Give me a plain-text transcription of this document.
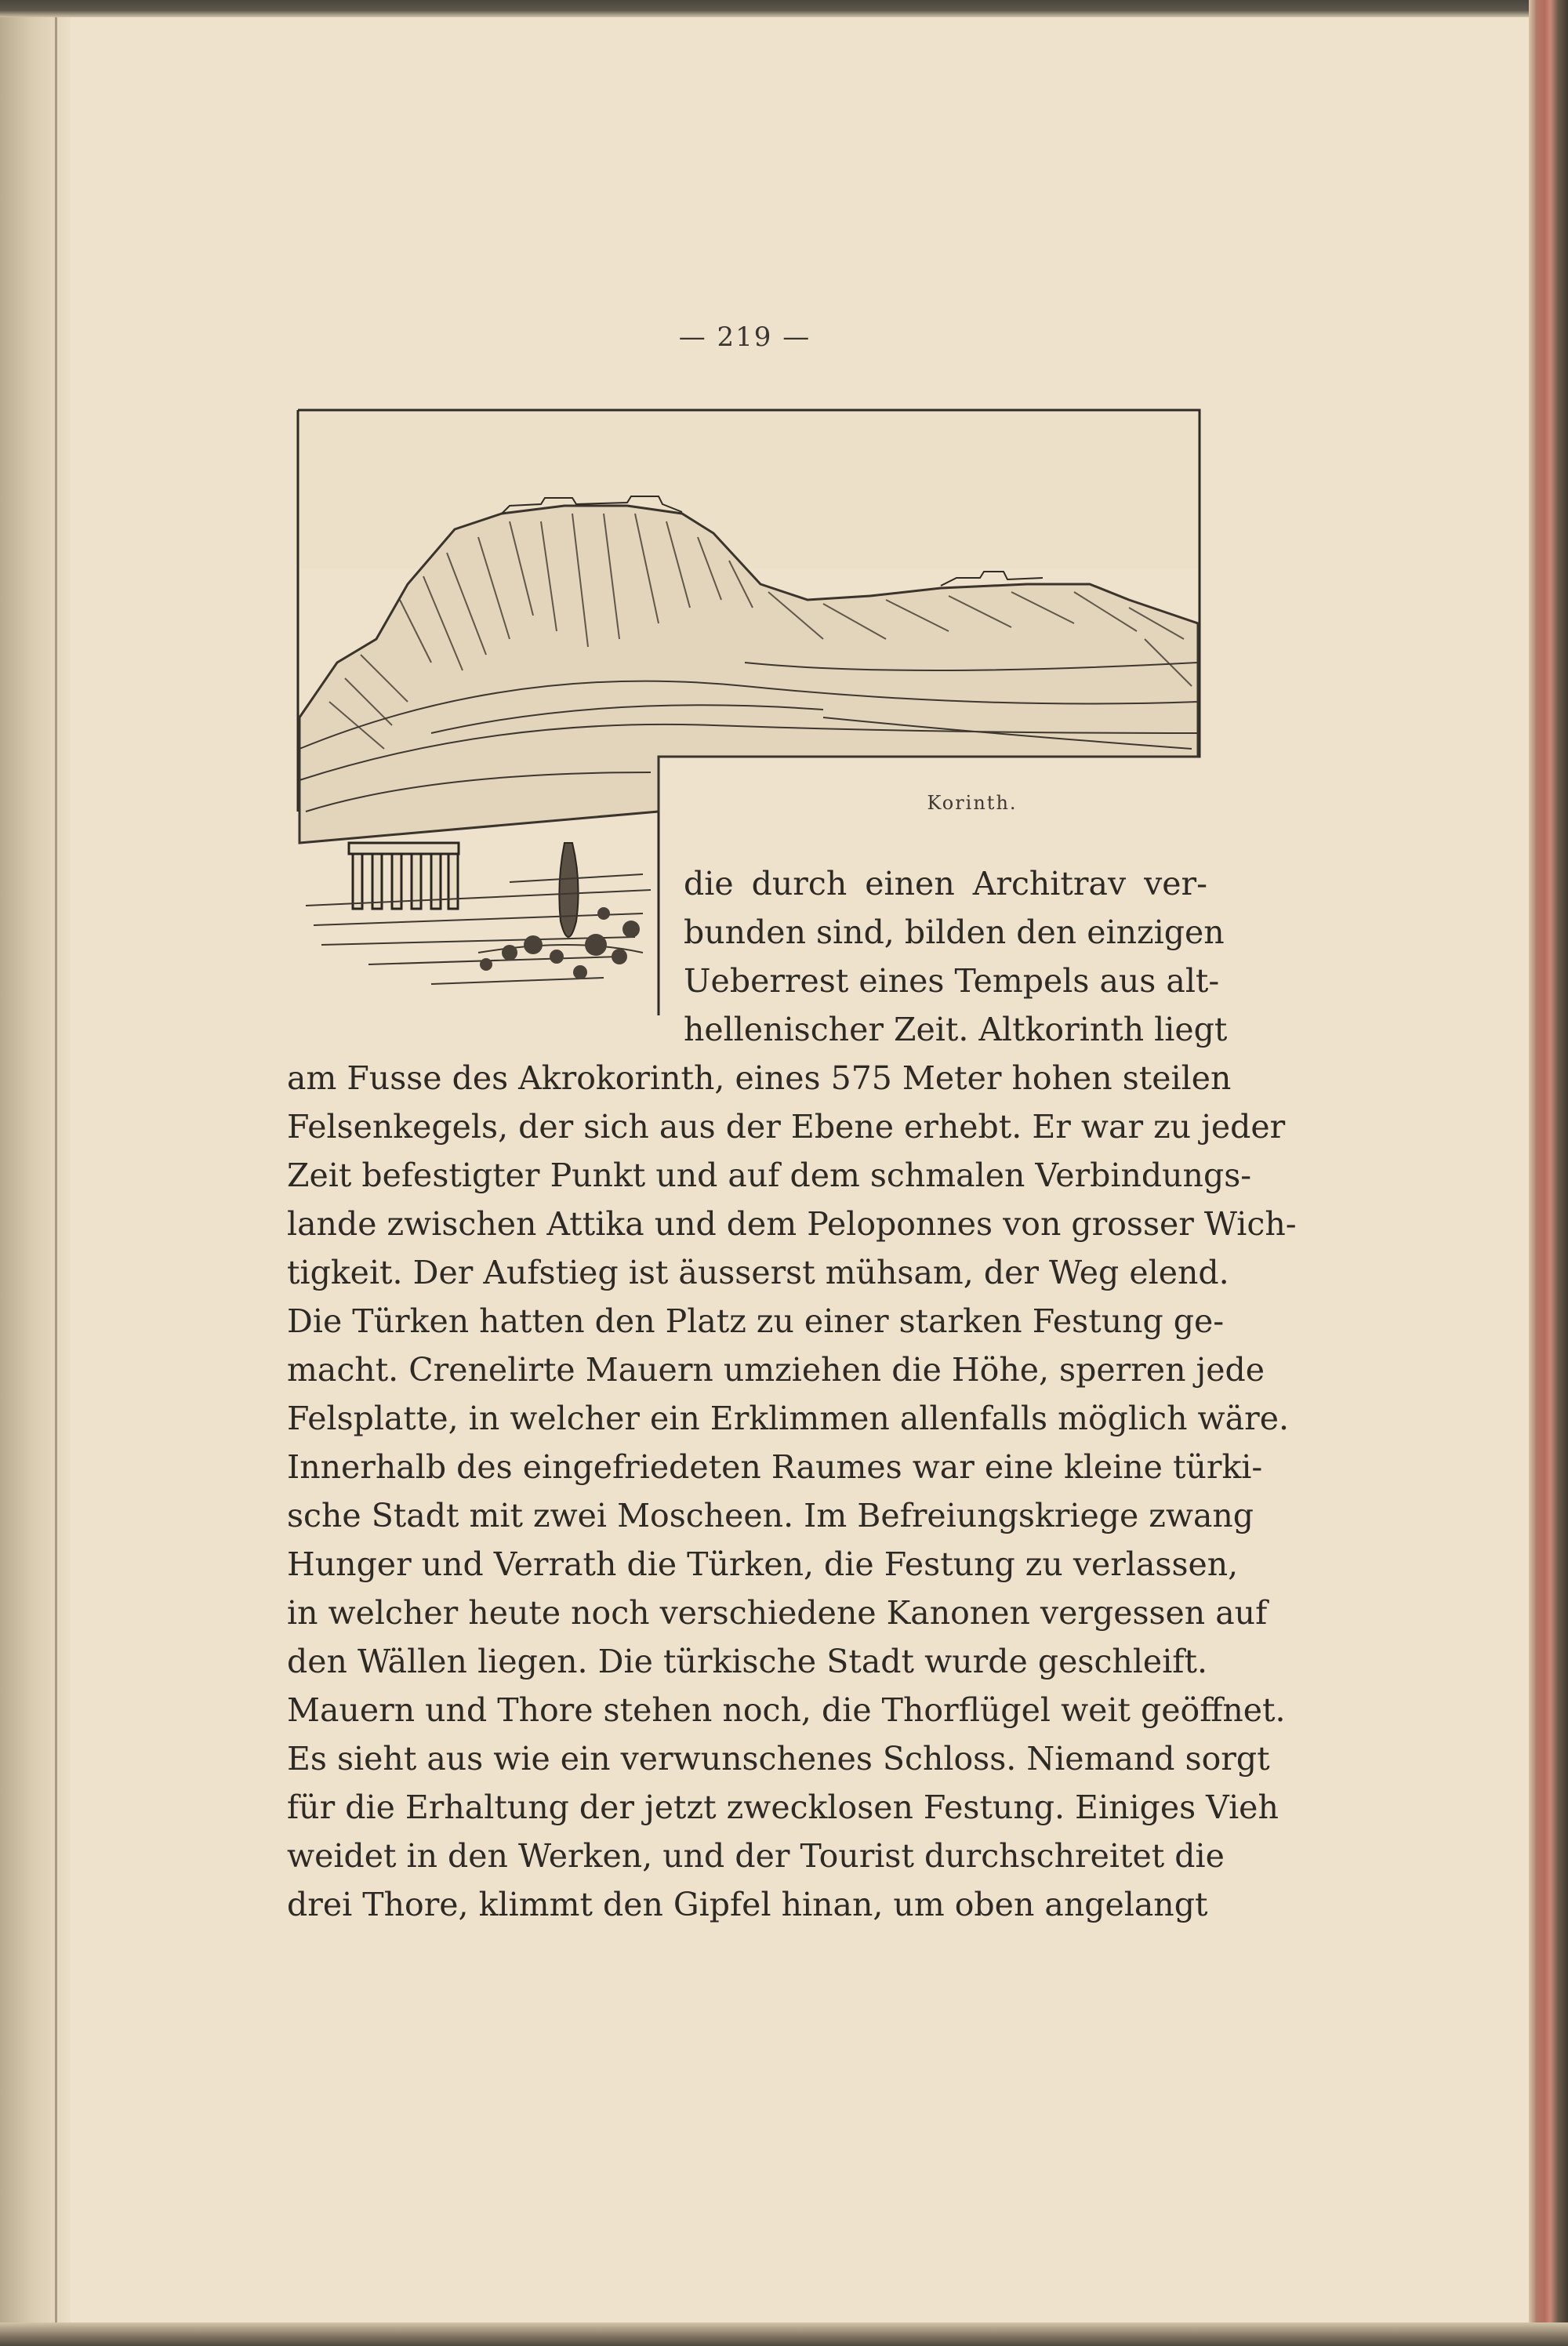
— 219 —
Korinth.
die durch einen Architrav ver-
bunden sind, bilden den einzigen
Ueberrest eines Tempels aus alt-
hellenischer Zeit. Altkorinth liegt
am Fusse des Akrokorinth, eines 575 Meter hohen steilen
Felsenkegels, der sich aus der Ebene erhebt. Er war zu jeder
Zeit befestigter Punkt und auf dem schmalen Verbindungs-
lande zwischen Attika und dem Peloponnes von grosser Wich-
tigkeit. Der Aufstieg ist äusserst mühsam, der Weg elend.
Die Türken hatten den Platz zu einer starken Festung ge-
macht. Crenelirte Mauern umziehen die Höhe, sperren jede
Felsplatte, in welcher ein Erklimmen allenfalls möglich wäre.
Innerhalb des eingefriedeten Raumes war eine kleine türki-
sche Stadt mit zwei Moscheen. Im Befreiungskriege zwang
Hunger und Verrath die Türken, die Festung zu verlassen,
in welcher heute noch verschiedene Kanonen vergessen auf
den Wällen liegen. Die türkische Stadt wurde geschleift.
Mauern und Thore stehen noch, die Thorflügel weit geöffnet.
Es sieht aus wie ein verwunschenes Schloss. Niemand sorgt
für die Erhaltung der jetzt zwecklosen Festung. Einiges Vieh
weidet in den Werken, und der Tourist durchschreitet die
drei Thore, klimmt den Gipfel hinan, um oben angelangt
